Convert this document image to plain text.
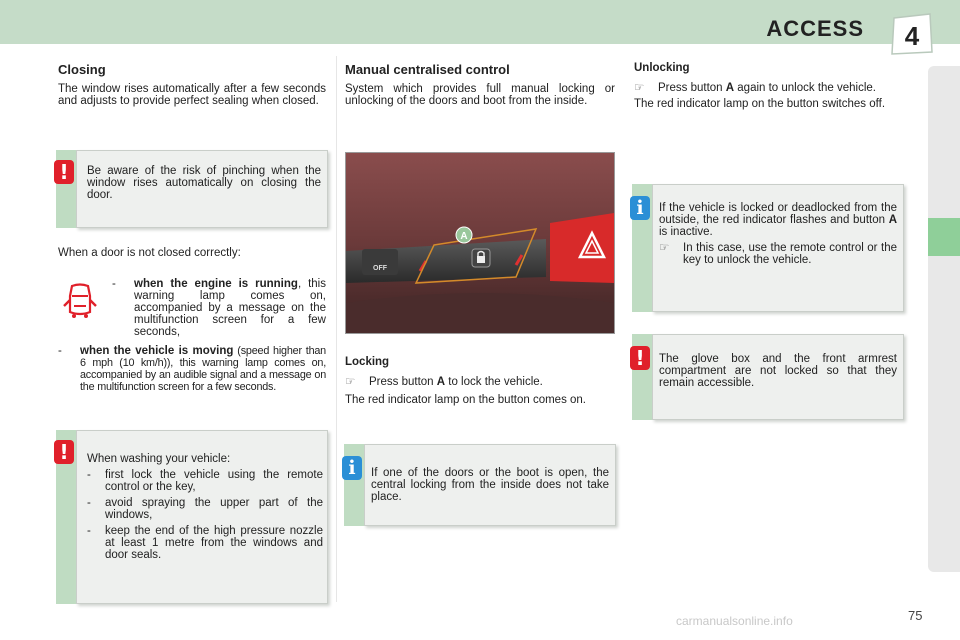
ACCESS 4
Closing

The window rises automatically after a few seconds and adjusts to provide perfect sealing when closed.

Be aware of the risk of pinching when the window rises automatically on closing the door.
!
When a door is not closed correctly:
-	when the engine is running, this warning lamp comes on, accompanied by a message on the multifunction screen for a few seconds,
-	when the vehicle is moving (speed higher than 6 mph (10 km/h)), this warning lamp comes on, accompanied by an audible signal and a message on the multifunction screen for a few seconds.
When washing your vehicle:
-	first lock the vehicle using the remote control or the key,
-	avoid spraying the upper part of the windows,
-	keep the end of the high pressure nozzle at least 1 metre from the windows and door seals.
!
Manual centralised control

System which provides full manual locking or unlocking of the doors and boot from the inside.

OFF
A
Locking
☞	Press button A to lock the vehicle.

The red indicator lamp on the button comes on.

If one of the doors or the boot is open, the central locking from the inside does not take place.
i
Unlocking
☞	Press button A again to unlock the vehicle.

The red indicator lamp on the button switches off.

If the vehicle is locked or deadlocked from the outside, the red indicator flashes and button A is inactive.
☞	In this case, use the remote control or the key to unlock the vehicle.
i
The glove box and the front armrest compartment are not locked so that they remain accessible.
!
carmanualsonline.info	75
